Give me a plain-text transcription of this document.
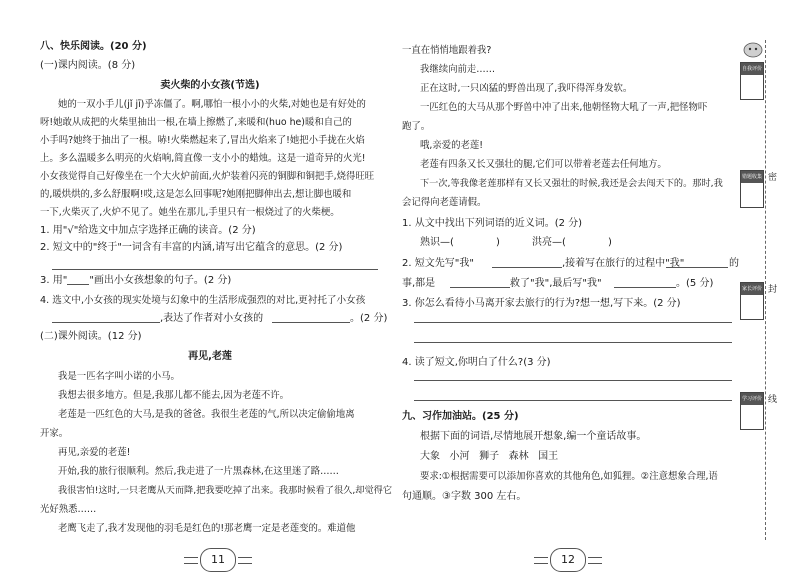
八、快乐阅读。(20 分)
(一)课内阅读。(8 分)
卖火柴的小女孩(节选)
她的一双小手儿(jǐ jī)乎冻僵了。啊,哪怕一根小小的火柴,对她也是有好处的
呀!她敢从成把的火柴里抽出一根,在墙上擦燃了,来暖和(huo he)暖和自己的
小手吗?她终于抽出了一根。哧!火柴燃起来了,冒出火焰来了!她把小手拢在火焰
上。多么温暖多么明亮的火焰响,简直像一支小小的蜡烛。这是一道奇异的火光!
小女孩觉得自己好像坐在一个大火炉前面,火炉装着闪亮的铜脚和铜把手,烧得旺旺
的,暖烘烘的,多么舒服啊!哎,这是怎么回事呢?她刚把脚伸出去,想让脚也暖和
一下,火柴灭了,火炉不见了。她坐在那儿,手里只有一根烧过了的火柴梗。
1. 用"√"给选文中加点字选择正确的读音。(2 分)
2. 短文中的"终于"一词含有丰富的内涵,请写出它蕴含的意思。(2 分)
3. 用" "画出小女孩想象的句子。(2 分)
4. 选文中,小女孩的现实处境与幻象中的生活形成强烈的对比,更衬托了小女孩
,表达了作者对小女孩的	。(2 分)
(二)课外阅读。(12 分)
再见,老莲
我是一匹名字叫小诺的小马。
我想去很多地方。但是,我那儿都不能去,因为老莲不许。
老莲是一匹红色的大马,是我的爸爸。我很生老莲的气,所以决定偷偷地离
开家。
再见,亲爱的老莲!
开始,我的旅行很顺利。然后,我走进了一片黑森林,在这里迷了路……
我很害怕!这时,一只老鹰从天而降,把我要吃掉了出来。我那时候看了很久,却觉得它
光好熟悉……
老鹰飞走了,我才发现他的羽毛是红色的!那老鹰一定是老莲变的。难道他
11
一直在悄悄地跟着我?
我继续向前走……
正在这时,一只凶猛的野兽出现了,我吓得浑身发软。
一匹红色的大马从那个野兽中冲了出来,他朝怪物大吼了一声,把怪物吓
跑了。
哦,亲爱的老莲!
老莲有四条又长又强壮的腿,它们可以带着老莲去任何地方。
下一次,等我像老莲那样有又长又强壮的时候,我还是会去闯天下的。那时,我
会记得向老莲请假。
1. 从文中找出下列词语的近义词。(2 分)
熟识—(	)	洪亮—(	)
2. 短文先写"我"	,接着写在旅行的过程中"我"	的
事,都是	救了"我",最后写"我"	。(5 分)
3. 你怎么看待小马离开家去旅行的行为?想一想,写下来。(2 分)
4. 读了短文,你明白了什么?(3 分)
九、习作加油站。(25 分)
根据下面的词语,尽情地展开想象,编一个童话故事。
大象   小河   狮子   森林   国王
要求:①根据需要可以添加你喜欢的其他角色,如狐狸。②注意想象合理,语
句通顺。③字数 300 左右。
12
自我评价
错题收集
家长评价
学习评价
密
封
线
